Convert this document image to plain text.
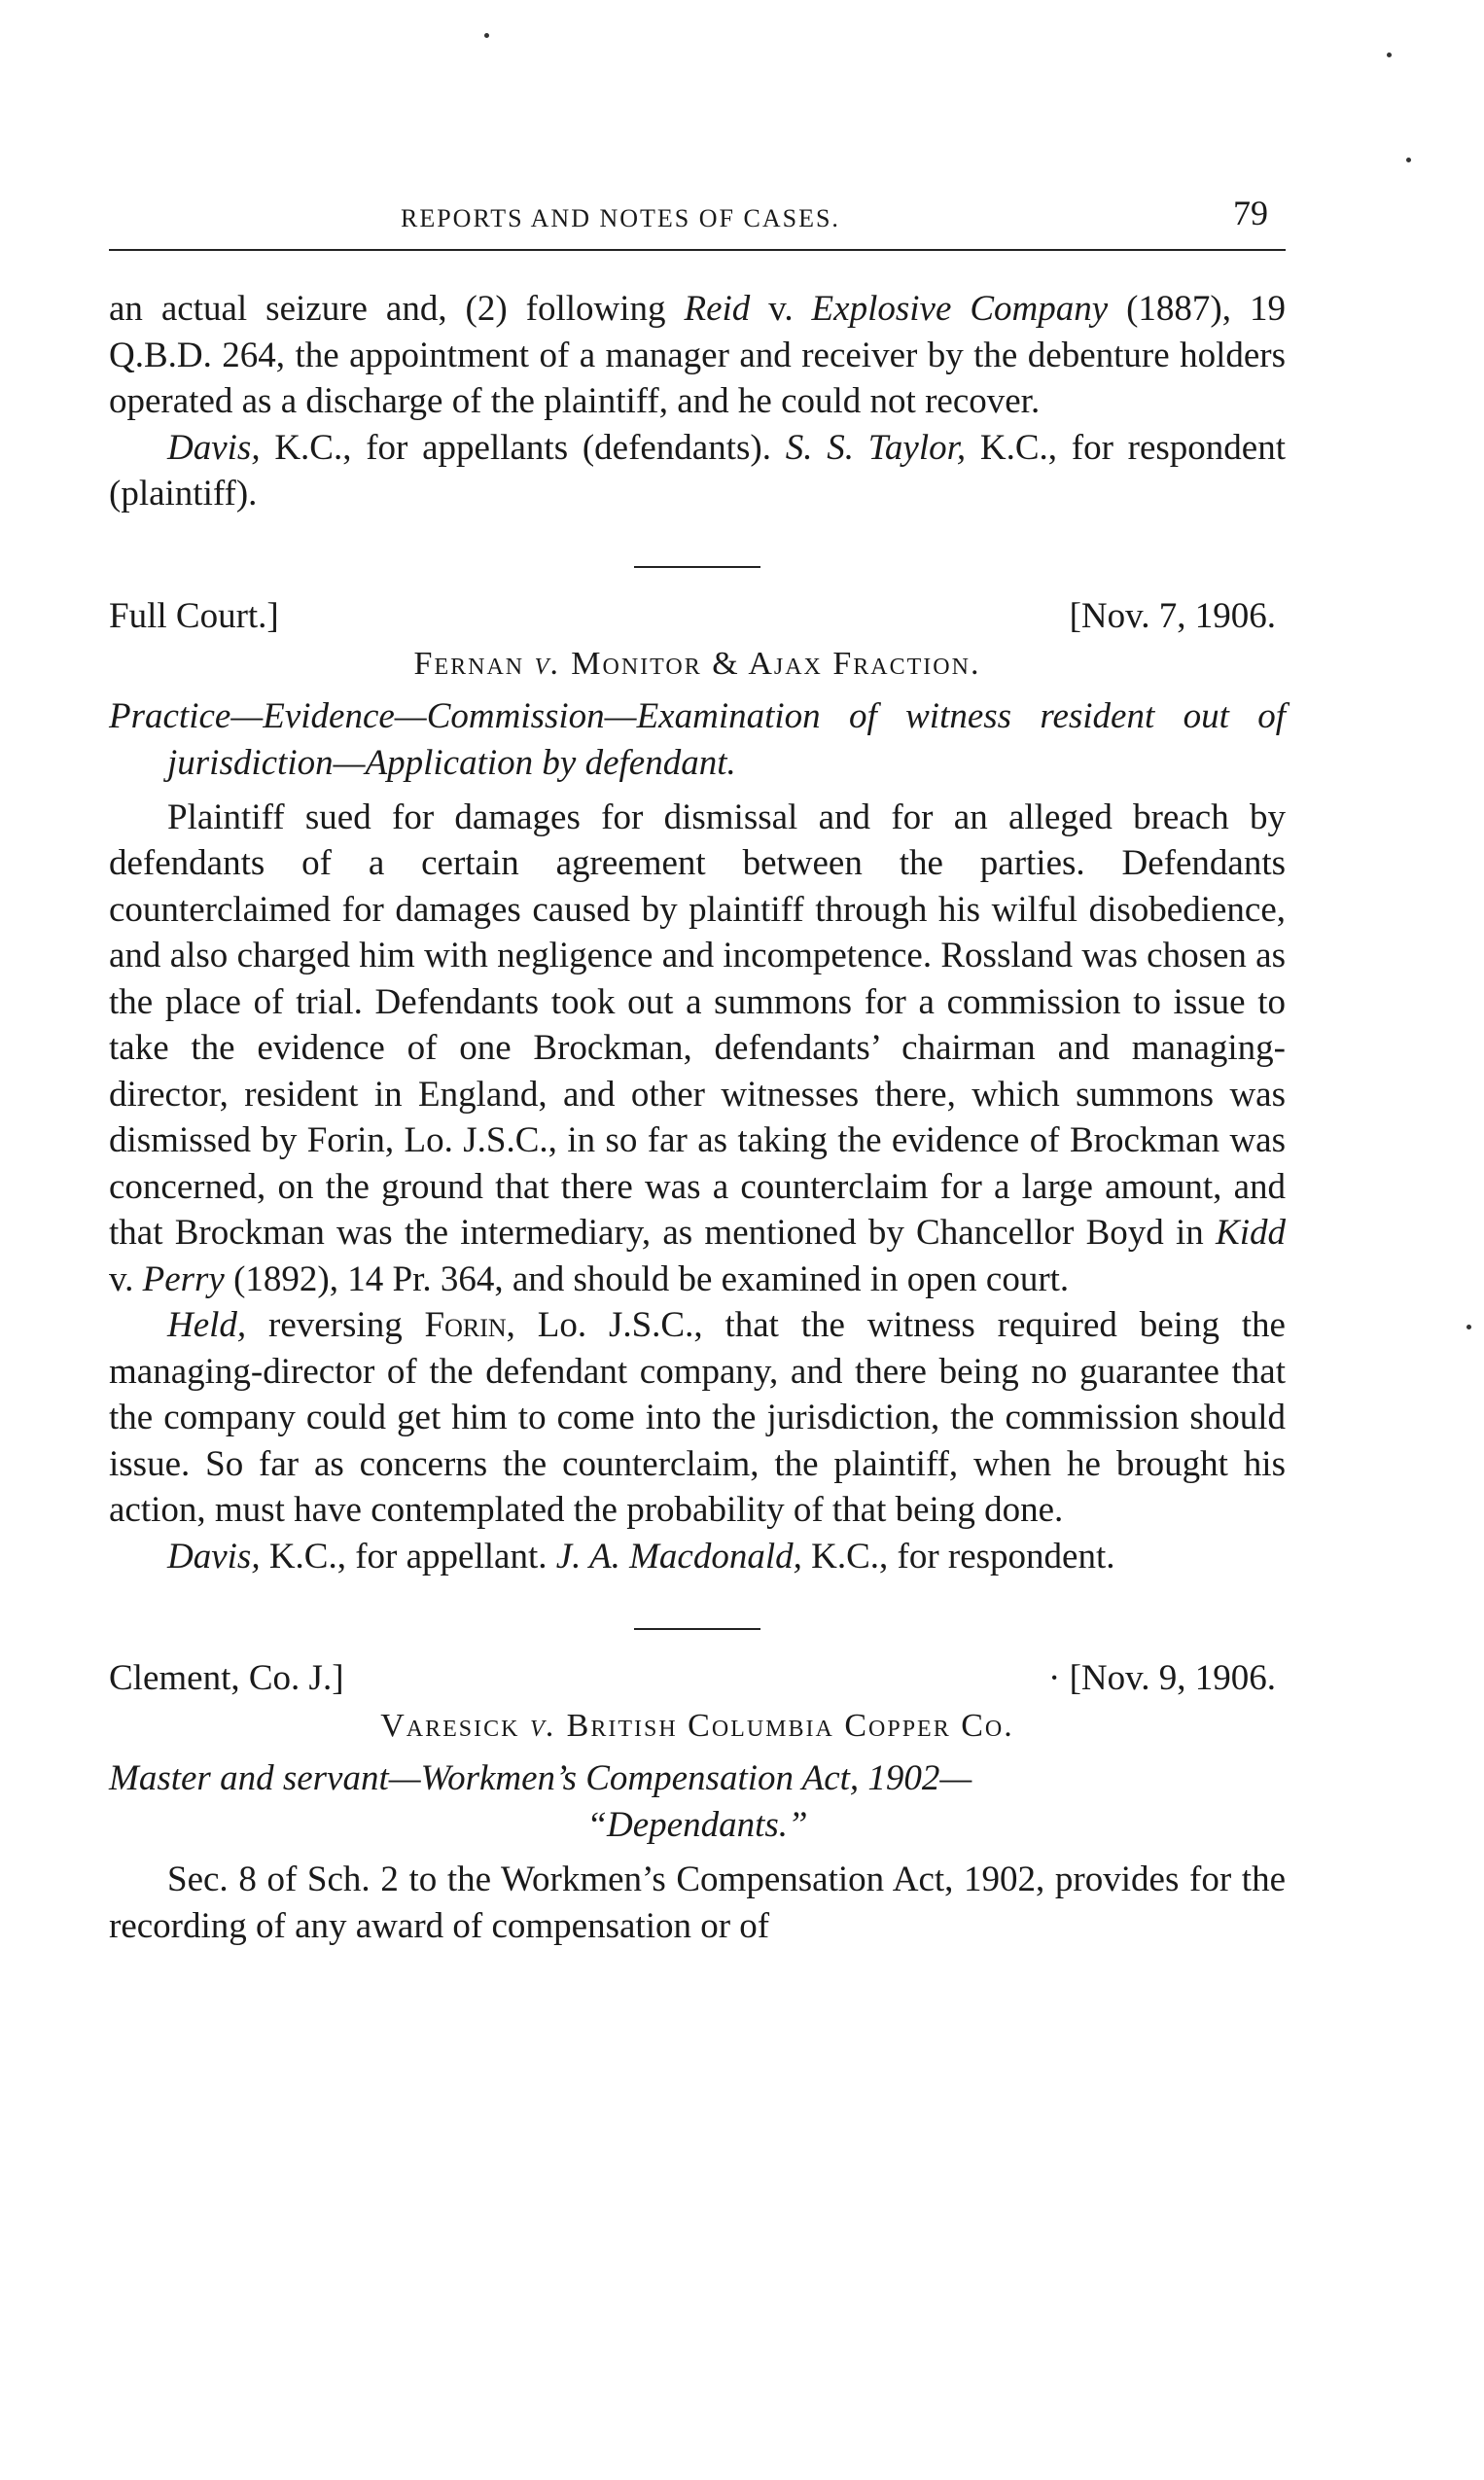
REPORTS AND NOTES OF CASES.	79

an actual seizure and, (2) following Reid v. Explosive Company (1887), 19 Q.B.D. 264, the appointment of a manager and receiver by the debenture holders operated as a discharge of the plaintiff, and he could not recover.

Davis, K.C., for appellants (defendants). S. S. Taylor, K.C., for respondent (plaintiff).

Full Court.]	[Nov. 7, 1906.
Fernan v. Monitor & Ajax Fraction.

Practice—Evidence—Commission—Examination of witness resident out of jurisdiction—Application by defendant.

Plaintiff sued for damages for dismissal and for an alleged breach by defendants of a certain agreement between the parties. Defendants counterclaimed for damages caused by plaintiff through his wilful disobedience, and also charged him with negligence and incompetence. Rossland was chosen as the place of trial. Defendants took out a summons for a commission to issue to take the evidence of one Brockman, defendants’ chairman and managing-director, resident in England, and other witnesses there, which summons was dismissed by Forin, Lo. J.S.C., in so far as taking the evidence of Brockman was concerned, on the ground that there was a counterclaim for a large amount, and that Brockman was the intermediary, as mentioned by Chancellor Boyd in Kidd v. Perry (1892), 14 Pr. 364, and should be examined in open court.

Held, reversing Forin, Lo. J.S.C., that the witness required being the managing-director of the defendant company, and there being no guarantee that the company could get him to come into the jurisdiction, the commission should issue. So far as concerns the counterclaim, the plaintiff, when he brought his action, must have contemplated the probability of that being done.

Davis, K.C., for appellant. J. A. Macdonald, K.C., for respondent.

Clement, Co. J.]	· [Nov. 9, 1906.
Varesick v. British Columbia Copper Co.

Master and servant—Workmen’s Compensation Act, 1902—

“Dependants.”

Sec. 8 of Sch. 2 to the Workmen’s Compensation Act, 1902, provides for the recording of any award of compensation or of
